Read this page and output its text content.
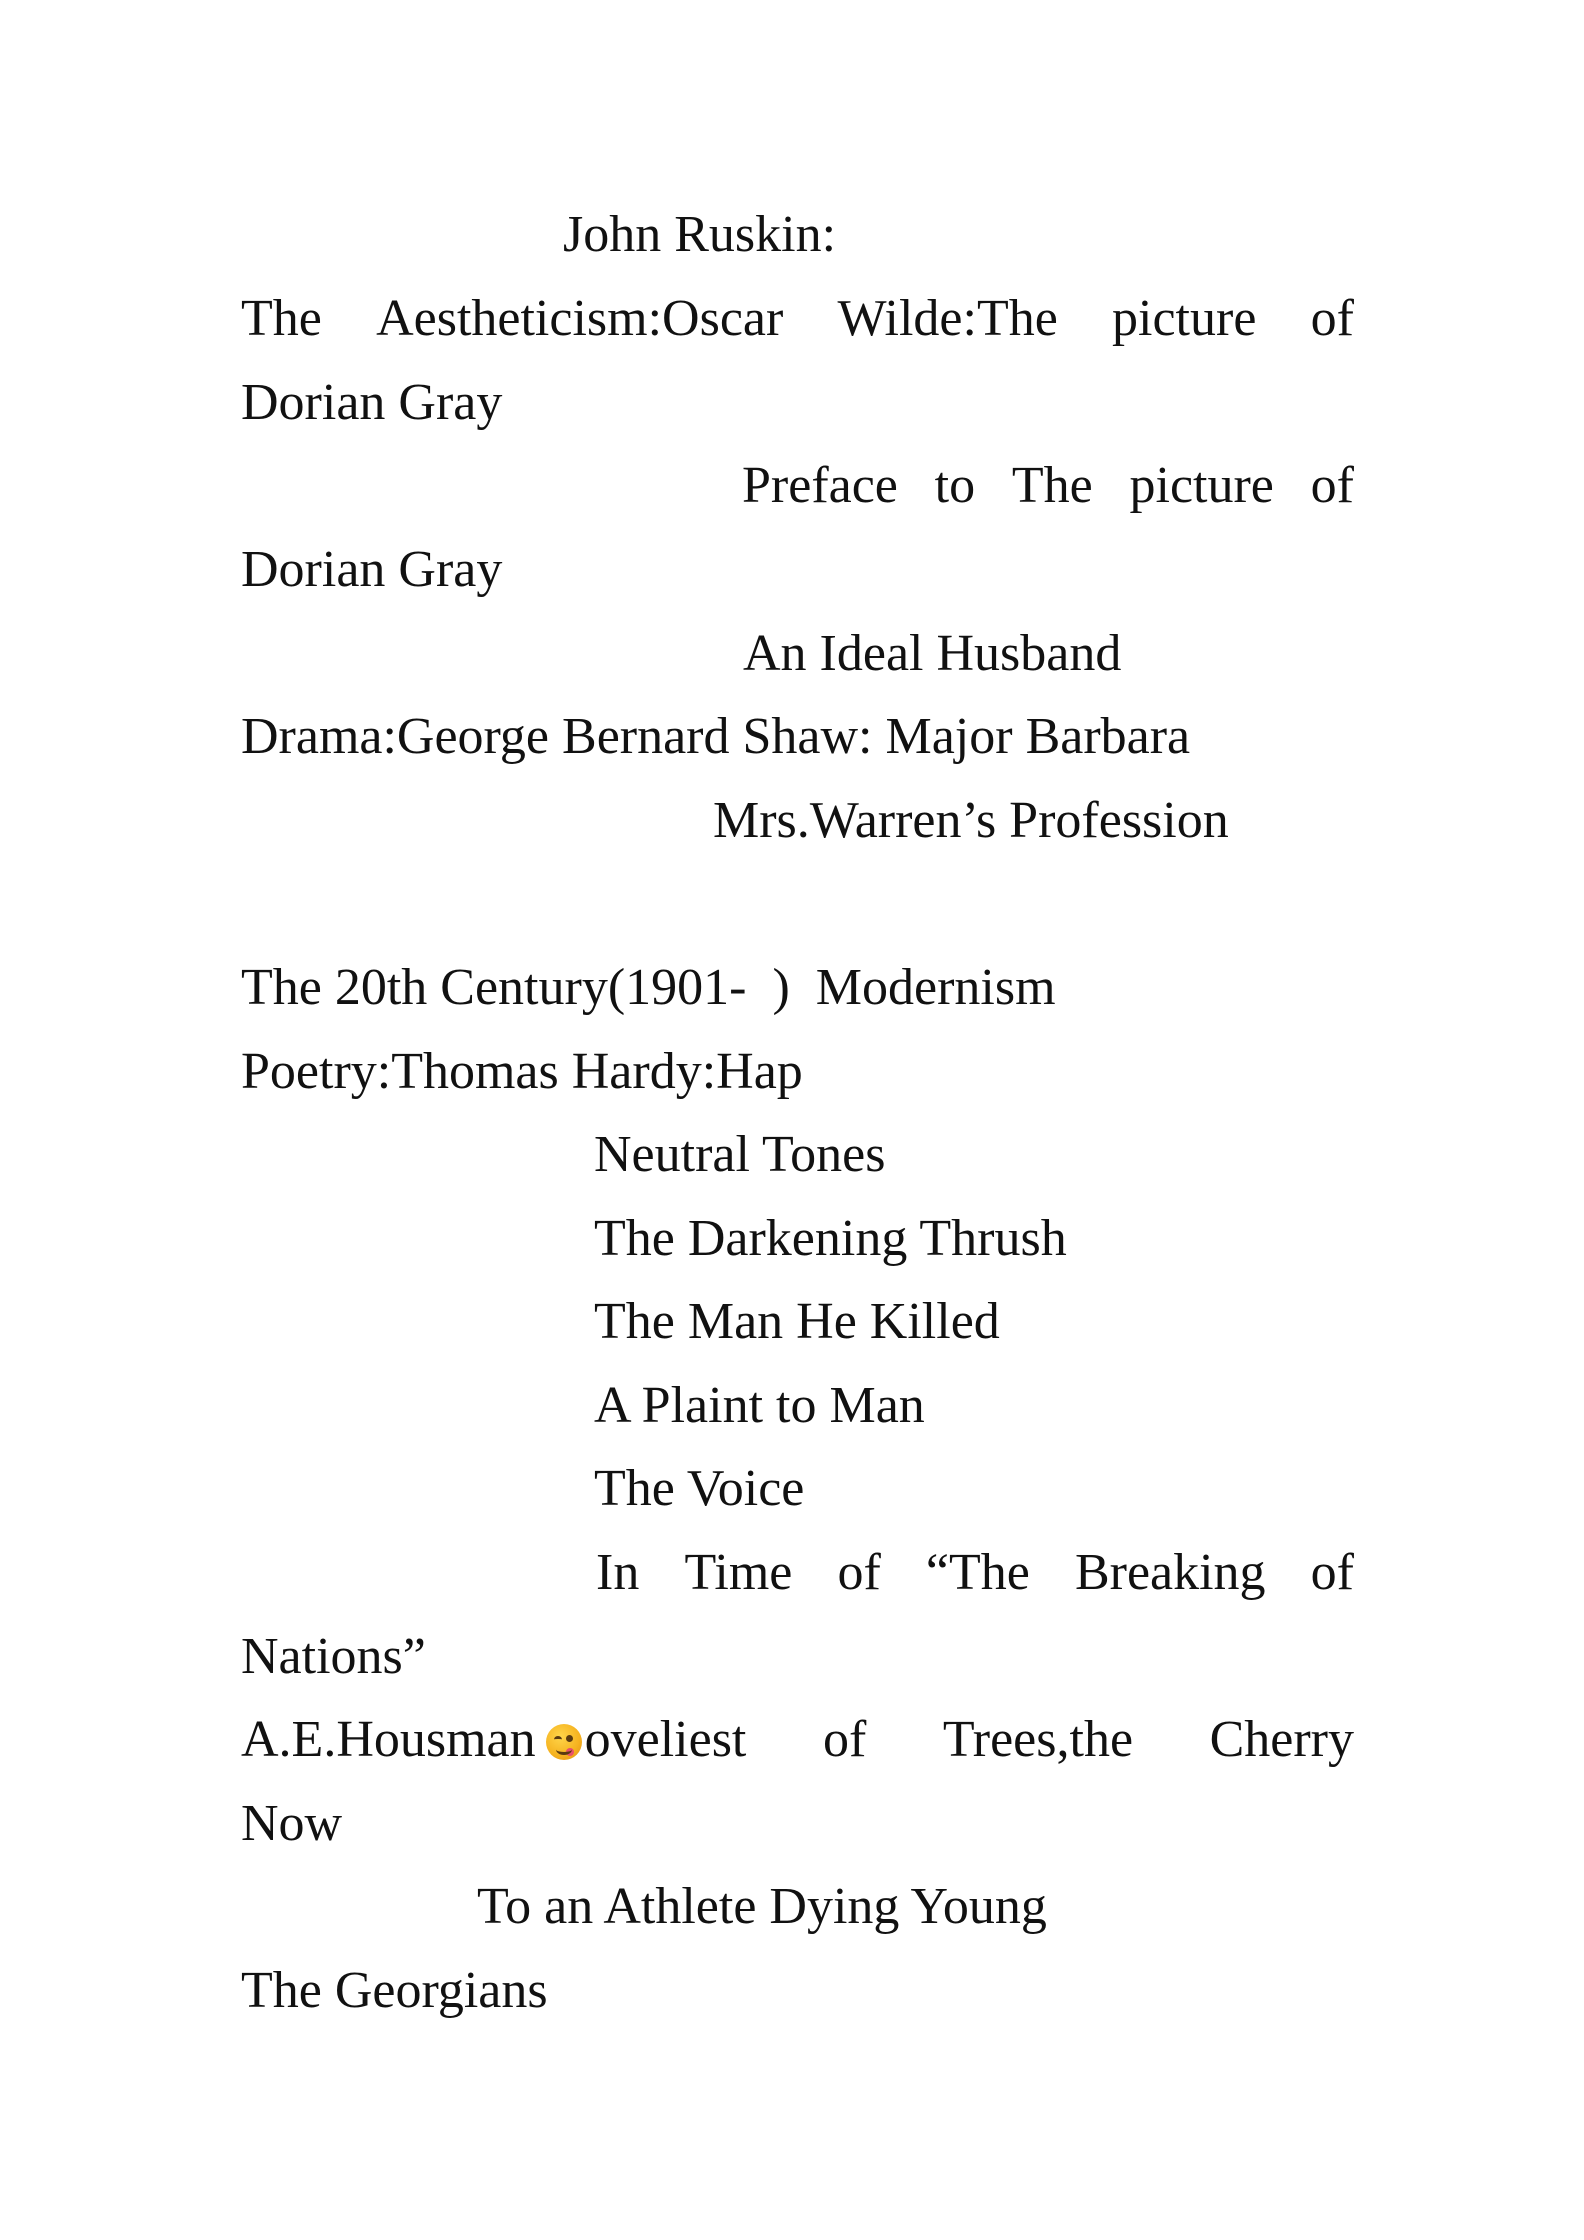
John Ruskin:
The Aestheticism:Oscar Wilde:The picture of
Dorian Gray
Preface to The picture of
Dorian Gray
An Ideal Husband
Drama:George Bernard Shaw: Major Barbara
Mrs.Warren’s Profession
The 20th Century(1901-  )  Modernism
Poetry:Thomas Hardy:Hap
Neutral Tones
The Darkening Thrush
The Man He Killed
A Plaint to Man
The Voice
In Time of “The Breaking of
Nations”
A.E.Housman oveliest of Trees,the Cherry
Now
To an Athlete Dying Young
The Georgians
